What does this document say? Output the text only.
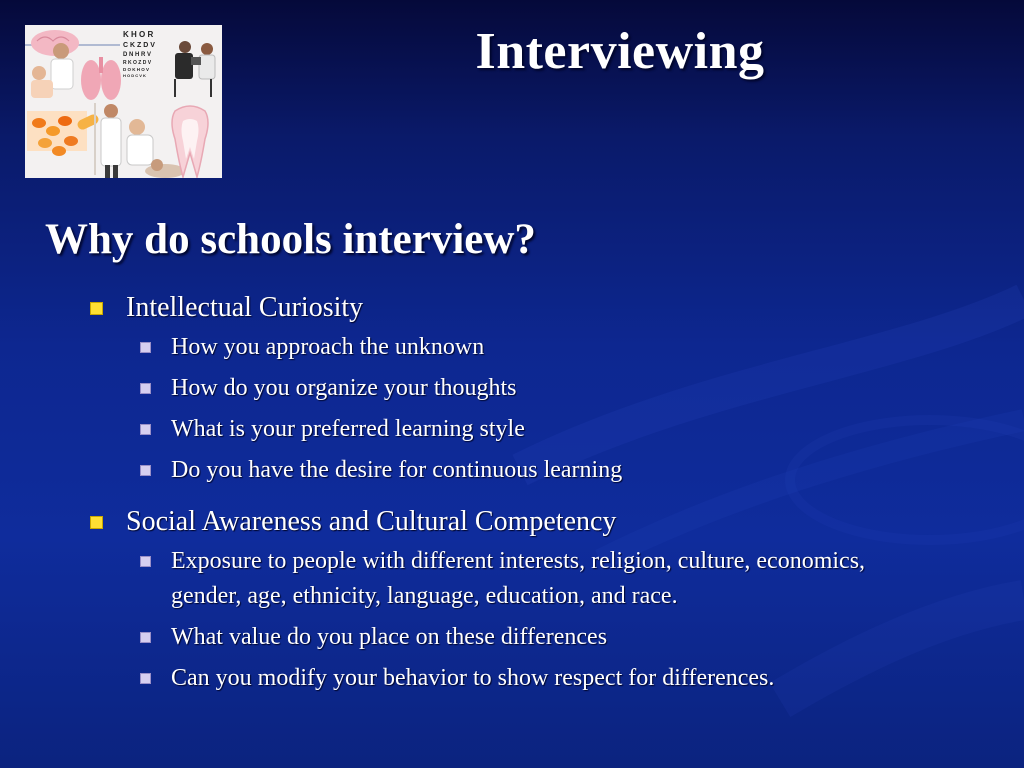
K H O R
C K Z D V
D N H R V
R K O Z D V
D O K H O V
H O D C V K	Interviewing
Why do schools interview?
Intellectual Curiosity
How you approach the unknown
How do you organize your thoughts
What is your preferred learning style
Do you have the desire for continuous learning
Social Awareness and Cultural Competency
Exposure to people with different interests, religion, culture, economics, gender, age, ethnicity, language, education, and race.
What value do you place on these differences
Can you modify your behavior to show respect for differences.
